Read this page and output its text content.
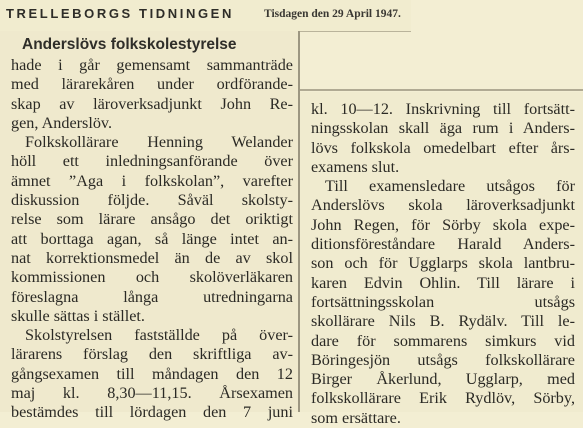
TRELLEBORGS TIDNINGEN	Tisdagen den 29 April 1947.
Anderslövs folkskolestyrelse
hade i går gemensamt sammanträde
med lärarekåren under ordförande-
skap av läroverksadjunkt John Re-
gen, Anderslöv.
Folkskollärare Henning Welander
höll ett inledningsanförande över
ämnet ”Aga i folkskolan”, varefter
diskussion följde. Såväl skolsty-
relse som lärare ansågo det oriktigt
att borttaga agan, så länge intet an-
nat korrektionsmedel än de av skol
kommissionen och skolöverläkaren
föreslagna långa utredningarna
skulle sättas i stället.
Skolstyrelsen fastställde på över-
lärarens förslag den skriftliga av-
gångsexamen till måndagen den 12
maj kl. 8,30—11,15. Årsexamen
bestämdes till lördagen den 7 juni
kl. 10—12. Inskrivning till fortsätt-
ningsskolan skall äga rum i Anders-
lövs folkskola omedelbart efter års-
examens slut.
Till examensledare utsågos för
Anderslövs skola läroverksadjunkt
John Regen, för Sörby skola expe-
ditionsföreståndare Harald Anders-
son och för Ugglarps skola lantbru-
karen Edvin Ohlin. Till lärare i
fortsättningsskolan utsågs
skollärare Nils B. Rydälv. Till le-
dare för sommarens simkurs vid
Böringesjön utsågs folkskollärare
Birger Åkerlund, Ugglarp, med
folkskollärare Erik Rydlöv, Sörby,
som ersättare.
